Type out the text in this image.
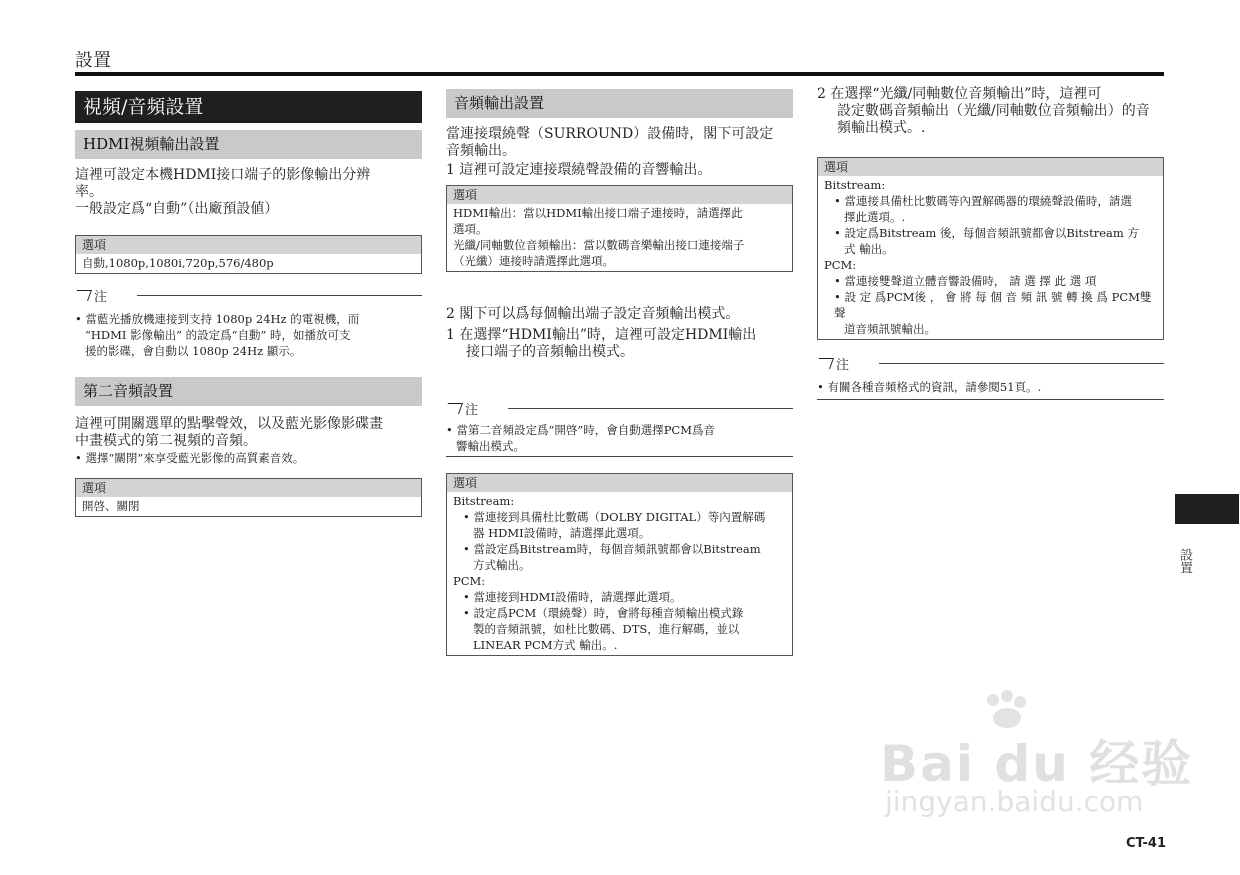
設置
視頻/音頻設置
HDMI視頻輸出設置
這裡可設定本機HDMI接口端子的影像輸出分辨
率。
一般設定爲“自動”（出廠預設値）
選項
自動,1080p,1080i,720p,576/480p
注
• 當藍光播放機連接到支持 1080p 24Hz 的電視機，而
“HDMI 影像輸出” 的設定爲“自動” 時，如播放可支
援的影碟，會自動以 1080p 24Hz 顯示。
第二音頻設置
這裡可開關選單的點擊聲效，以及藍光影像影碟畫
中畫模式的第二視頻的音頻。
• 選擇“關閉”來享受藍光影像的高質素音效。
選項
開啓、關閉
音頻輸出設置
當連接環繞聲（SURROUND）設備時，閣下可設定
音頻輸出。
1 這裡可設定連接環繞聲設備的音響輸出。
選項
HDMI輸出：當以HDMI輸出接口端子連接時，請選擇此
選項。
光纖/同軸數位音頻輸出：當以數碼音樂輸出接口連接端子
（光纖）連接時請選擇此選項。
2 閣下可以爲每個輸出端子設定音頻輸出模式。
1 在選擇“HDMI輸出”時，這裡可設定HDMI輸出
接口端子的音頻輸出模式。
注
• 當第二音頻設定爲“開啓”時，會自動選擇PCM爲音
響輸出模式。
選項
Bitstream:
• 當連接到具備杜比數碼（DOLBY DIGITAL）等內置解碼
器 HDMI設備時，請選擇此選項。
• 當設定爲Bitstream時，每個音頻訊號都會以Bitstream
方式輸出。
PCM:
• 當連接到HDMI設備時，請選擇此選項。
• 設定爲PCM（環繞聲）時，會將每種音頻輸出模式錄
製的音頻訊號，如杜比數碼、DTS，進行解碼，並以
LINEAR PCM方式 輸出。.
2 在選擇“光纖/同軸數位音頻輸出”時，這裡可
設定數碼音頻輸出（光纖/同軸數位音頻輸出）的音
頻輸出模式。.
選項
Bitstream:
• 當連接具備杜比數碼等內置解碼器的環繞聲設備時，請選
擇此選項。.
• 設定爲Bitstream 後，每個音頻訊號都會以Bitstream 方
式 輸出。
PCM:
• 當連接雙聲道立體音響設備時， 請 選 擇 此 選 項
• 設 定 爲PCM後 ， 會 將 每 個 音 頻 訊 號 轉 換 爲 PCM雙聲
道音頻訊號輸出。
注
• 有關各種音頻格式的資訊，請參閱51頁。.
設置
CT-41
Bai du 经验
jingyan.baidu.com
